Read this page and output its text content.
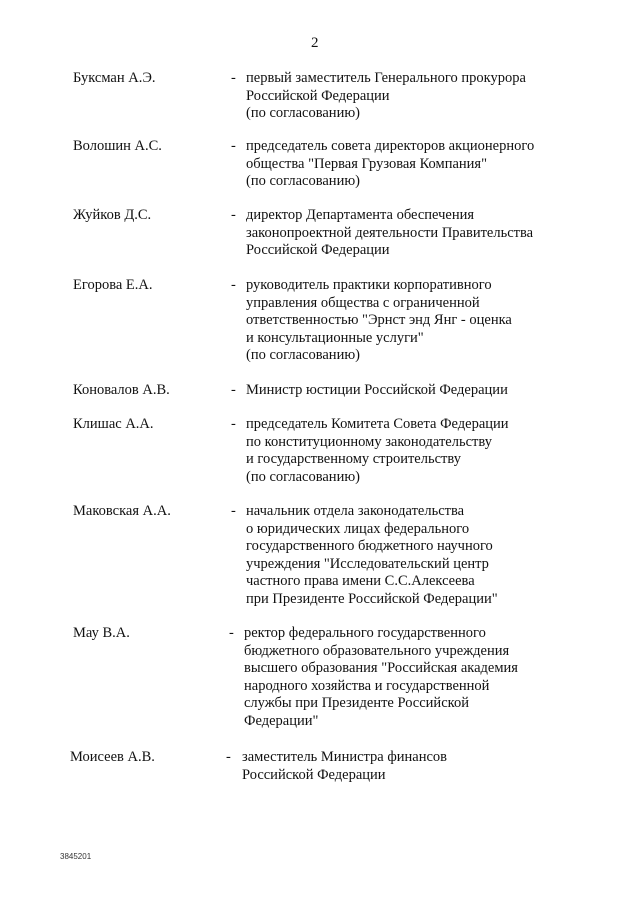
2
Буксман А.Э.	- первый заместитель Генерального прокурора
Российской Федерации
(по согласованию)
Волошин А.С.	- председатель совета директоров акционерного
общества "Первая Грузовая Компания"
(по согласованию)
Жуйков Д.С.	- директор Департамента обеспечения
законопроектной деятельности Правительства
Российской Федерации
Егорова Е.А.	- руководитель практики корпоративного
управления общества с ограниченной
ответственностью "Эрнст энд Янг - оценка
и консультационные услуги"
(по согласованию)
Коновалов А.В.	- Министр юстиции Российской Федерации
Клишас А.А.	- председатель Комитета Совета Федерации
по конституционному законодательству
и государственному строительству
(по согласованию)
Маковская А.А.	- начальник отдела законодательства
о юридических лицах федерального
государственного бюджетного научного
учреждения "Исследовательский центр
частного права имени С.С.Алексеева
при Президенте Российской Федерации"
Мау В.А.	- ректор федерального государственного
бюджетного образовательного учреждения
высшего образования "Российская академия
народного хозяйства и государственной
службы при Президенте Российской
Федерации"
Моисеев А.В.	- заместитель Министра финансов
Российской Федерации
3845201
